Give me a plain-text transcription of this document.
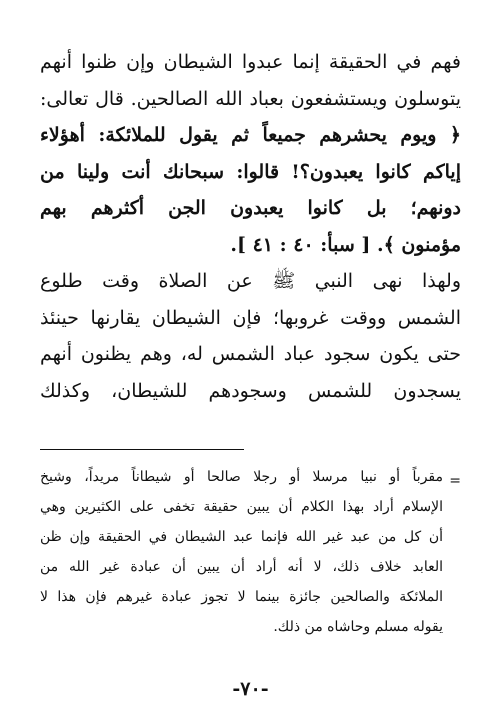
فهم في الحقيقة إنما عبدوا الشيطان وإن ظنوا أنهم
يتوسلون ويستشفعون بعباد الله الصالحين. قال تعالى:
﴿ ويوم يحشرهم جميعاً ثم يقول للملائكة: أهؤلاء
إياكم كانوا يعبدون؟! قالوا: سبحانك أنت ولينا من
دونهم؛ بل كانوا يعبدون الجن أكثرهم بهم
مؤمنون ﴾. [ سبأ: ٤٠ : ٤١ ].
ولهذا نهى النبي ﷺ عن الصلاة وقت طلوع
الشمس ووقت غروبها؛ فإن الشيطان يقارنها حينئذ
حتى يكون سجود عباد الشمس له، وهم يظنون أنهم
يسجدون للشمس وسجودهم للشيطان، وكذلك
=
مقرباً أو نبيا مرسلا أو رجلا صالحا أو شيطاناً مريداً، وشيخ
الإسلام أراد بهذا الكلام أن يبين حقيقة تخفى على الكثيرين وهي
أن كل من عبد غير الله فإنما عبد الشيطان في الحقيقة وإن ظن
العابد خلاف ذلك، لا أنه أراد أن يبين أن عبادة غير الله من
الملائكة والصالحين جائزة بينما لا تجوز عبادة غيرهم فإن هذا لا
يقوله مسلم وحاشاه من ذلك.
-٧٠-
